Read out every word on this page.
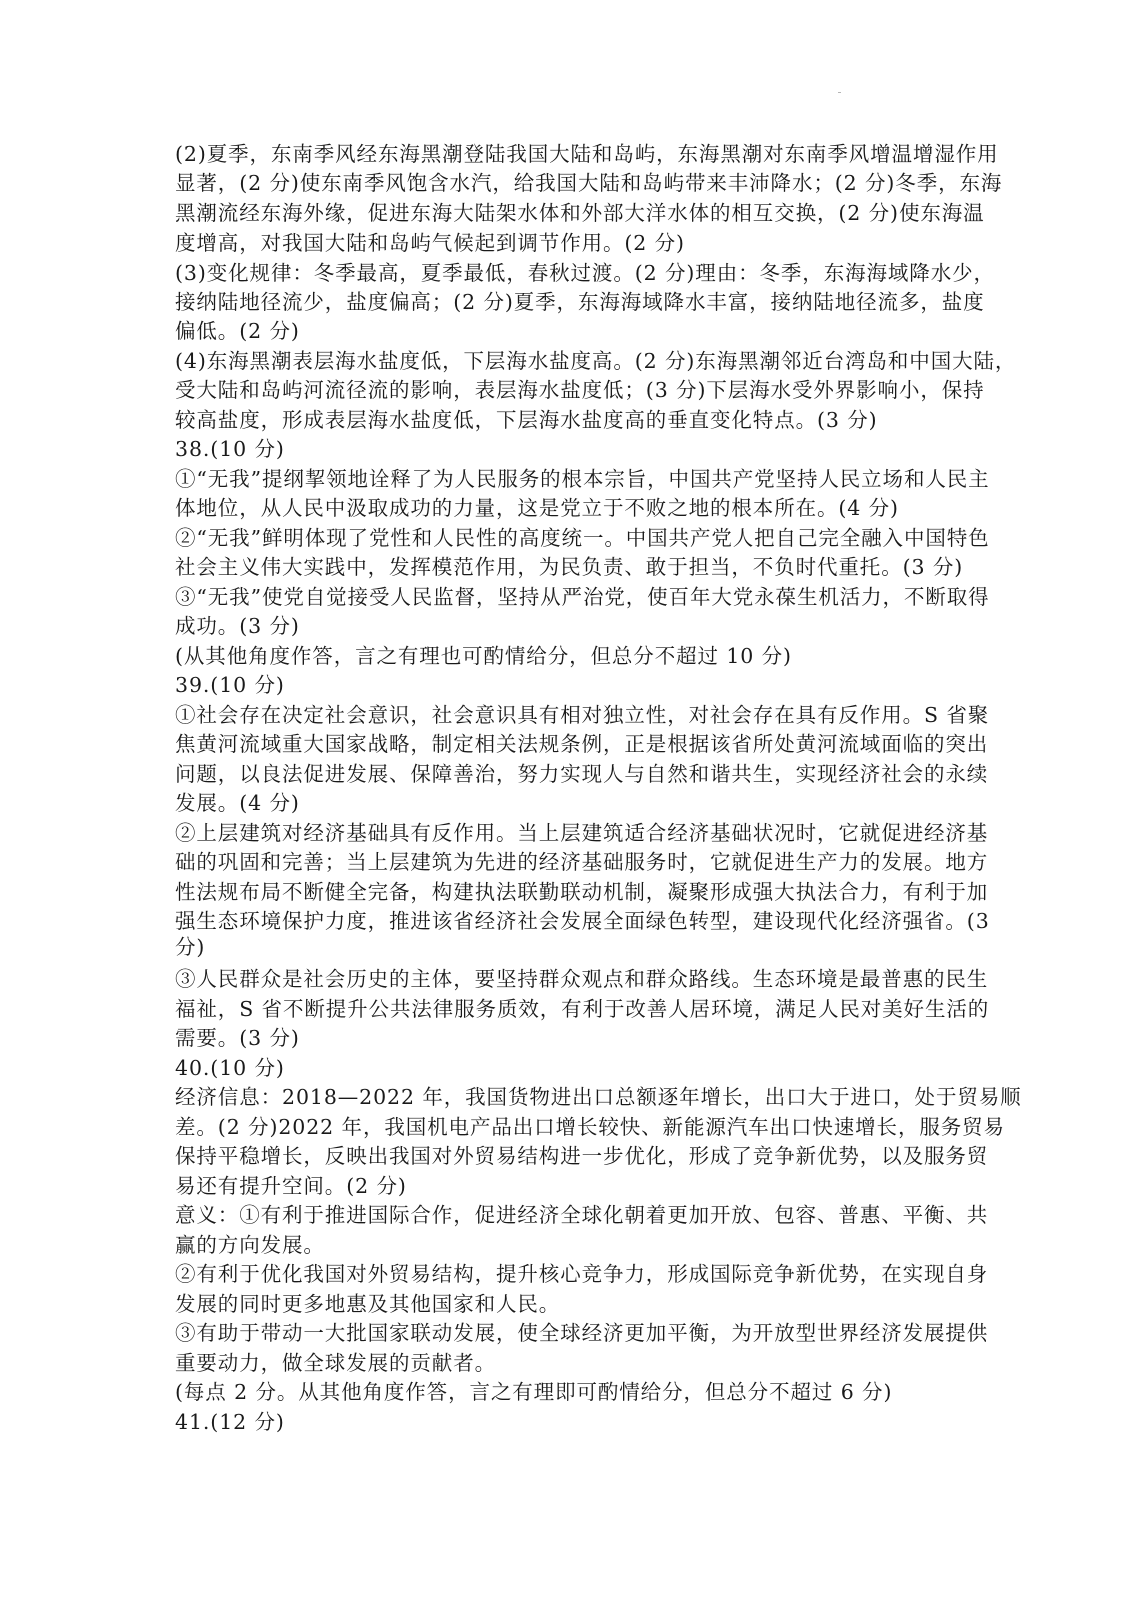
(2)夏季，东南季风经东海黑潮登陆我国大陆和岛屿，东海黑潮对东南季风增温增湿作用

显著，(2 分)使东南季风饱含水汽，给我国大陆和岛屿带来丰沛降水；(2 分)冬季，东海

黑潮流经东海外缘，促进东海大陆架水体和外部大洋水体的相互交换，(2 分)使东海温

度增高，对我国大陆和岛屿气候起到调节作用。(2 分)

(3)变化规律：冬季最高，夏季最低，春秋过渡。(2 分)理由：冬季，东海海域降水少，

接纳陆地径流少，盐度偏高；(2 分)夏季，东海海域降水丰富，接纳陆地径流多，盐度

偏低。(2 分)

(4)东海黑潮表层海水盐度低，下层海水盐度高。(2 分)东海黑潮邻近台湾岛和中国大陆，

受大陆和岛屿河流径流的影响，表层海水盐度低；(3 分)下层海水受外界影响小，保持

较高盐度，形成表层海水盐度低，下层海水盐度高的垂直变化特点。(3 分)

38.(10 分)

①“无我”提纲挈领地诠释了为人民服务的根本宗旨，中国共产党坚持人民立场和人民主

体地位，从人民中汲取成功的力量，这是党立于不败之地的根本所在。(4 分)

②“无我”鲜明体现了党性和人民性的高度统一。中国共产党人把自己完全融入中国特色

社会主义伟大实践中，发挥模范作用，为民负责、敢于担当，不负时代重托。(3 分)

③“无我”使党自觉接受人民监督，坚持从严治党，使百年大党永葆生机活力，不断取得

成功。(3 分)

(从其他角度作答，言之有理也可酌情给分，但总分不超过 10 分)

39.(10 分)

①社会存在决定社会意识，社会意识具有相对独立性，对社会存在具有反作用。S 省聚

焦黄河流域重大国家战略，制定相关法规条例，正是根据该省所处黄河流域面临的突出

问题，以良法促进发展、保障善治，努力实现人与自然和谐共生，实现经济社会的永续

发展。(4 分)

②上层建筑对经济基础具有反作用。当上层建筑适合经济基础状况时，它就促进经济基

础的巩固和完善；当上层建筑为先进的经济基础服务时，它就促进生产力的发展。地方

性法规布局不断健全完备，构建执法联勤联动机制，凝聚形成强大执法合力，有利于加

强生态环境保护力度，推进该省经济社会发展全面绿色转型，建设现代化经济强省。(3

分)

③人民群众是社会历史的主体，要坚持群众观点和群众路线。生态环境是最普惠的民生

福祉，S 省不断提升公共法律服务质效，有利于改善人居环境，满足人民对美好生活的

需要。(3 分)

40.(10 分)

经济信息：2018—2022 年，我国货物进出口总额逐年增长，出口大于进口，处于贸易顺

差。(2 分)2022 年，我国机电产品出口增长较快、新能源汽车出口快速增长，服务贸易

保持平稳增长，反映出我国对外贸易结构进一步优化，形成了竞争新优势，以及服务贸

易还有提升空间。(2 分)

意义：①有利于推进国际合作，促进经济全球化朝着更加开放、包容、普惠、平衡、共

赢的方向发展。

②有利于优化我国对外贸易结构，提升核心竞争力，形成国际竞争新优势，在实现自身

发展的同时更多地惠及其他国家和人民。

③有助于带动一大批国家联动发展，使全球经济更加平衡，为开放型世界经济发展提供

重要动力，做全球发展的贡献者。

(每点 2 分。从其他角度作答，言之有理即可酌情给分，但总分不超过 6 分)

41.(12 分)
